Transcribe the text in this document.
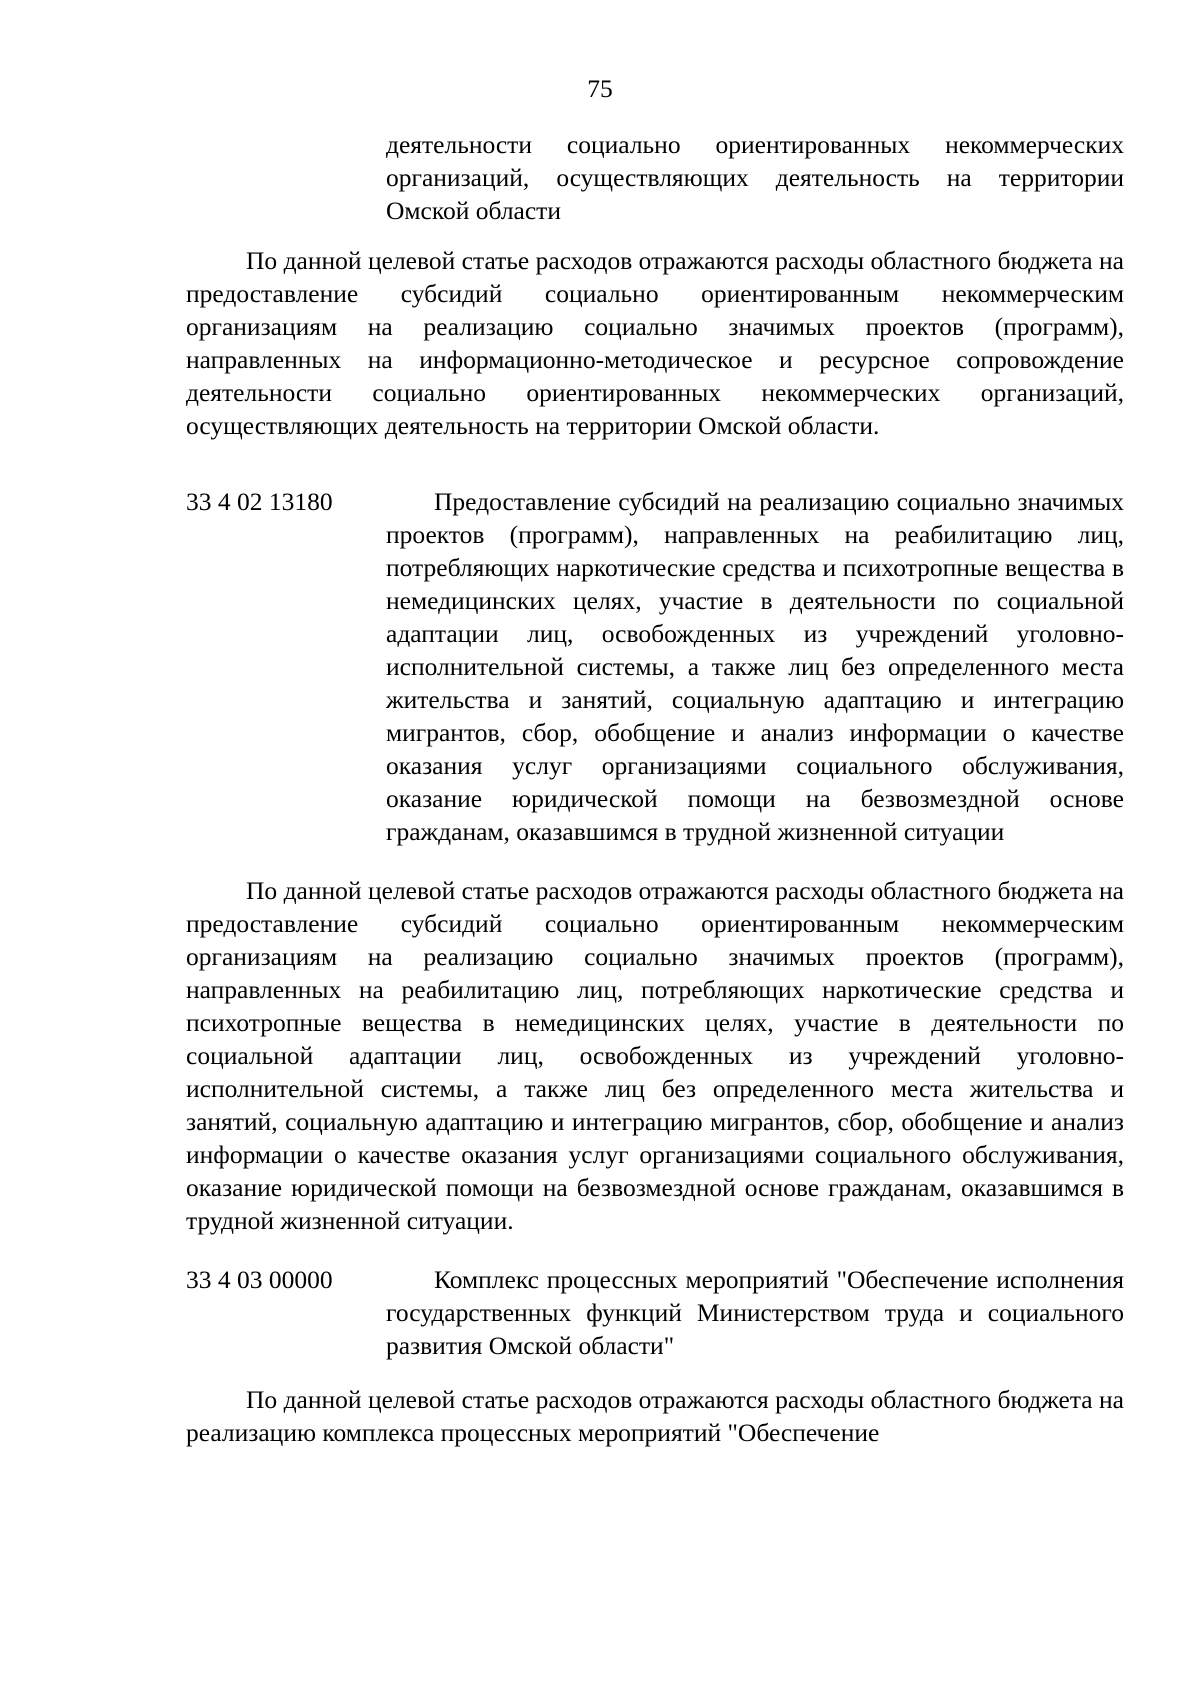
75
деятельности социально ориентированных некоммерческих организаций, осуществляющих деятельность на территории Омской области
По данной целевой статье расходов отражаются расходы областного бюджета на предоставление субсидий социально ориентированным некоммерческим организациям на реализацию социально значимых проектов (программ), направленных на информационно-методическое и ресурсное сопровождение деятельности социально ориентированных некоммерческих организаций, осуществляющих деятельность на территории Омской области.
33 4 02 13180	Предоставление субсидий на реализацию социально значимых проектов (программ), направленных на реабилитацию лиц, потребляющих наркотические средства и психотропные вещества в немедицинских целях, участие в деятельности по социальной адаптации лиц, освобожденных из учреждений уголовно-исполнительной системы, а также лиц без определенного места жительства и занятий, социальную адаптацию и интеграцию мигрантов, сбор, обобщение и анализ информации о качестве оказания услуг организациями социального обслуживания, оказание юридической помощи на безвозмездной основе гражданам, оказавшимся в трудной жизненной ситуации
По данной целевой статье расходов отражаются расходы областного бюджета на предоставление субсидий социально ориентированным некоммерческим организациям на реализацию социально значимых проектов (программ), направленных на реабилитацию лиц, потребляющих наркотические средства и психотропные вещества в немедицинских целях, участие в деятельности по социальной адаптации лиц, освобожденных из учреждений уголовно-исполнительной системы, а также лиц без определенного места жительства и занятий, социальную адаптацию и интеграцию мигрантов, сбор, обобщение и анализ информации о качестве оказания услуг организациями социального обслуживания, оказание юридической помощи на безвозмездной основе гражданам, оказавшимся в трудной жизненной ситуации.
33 4 03 00000	Комплекс процессных мероприятий "Обеспечение исполнения государственных функций Министерством труда и социального развития Омской области"
По данной целевой статье расходов отражаются расходы областного бюджета на реализацию комплекса процессных мероприятий "Обеспечение
